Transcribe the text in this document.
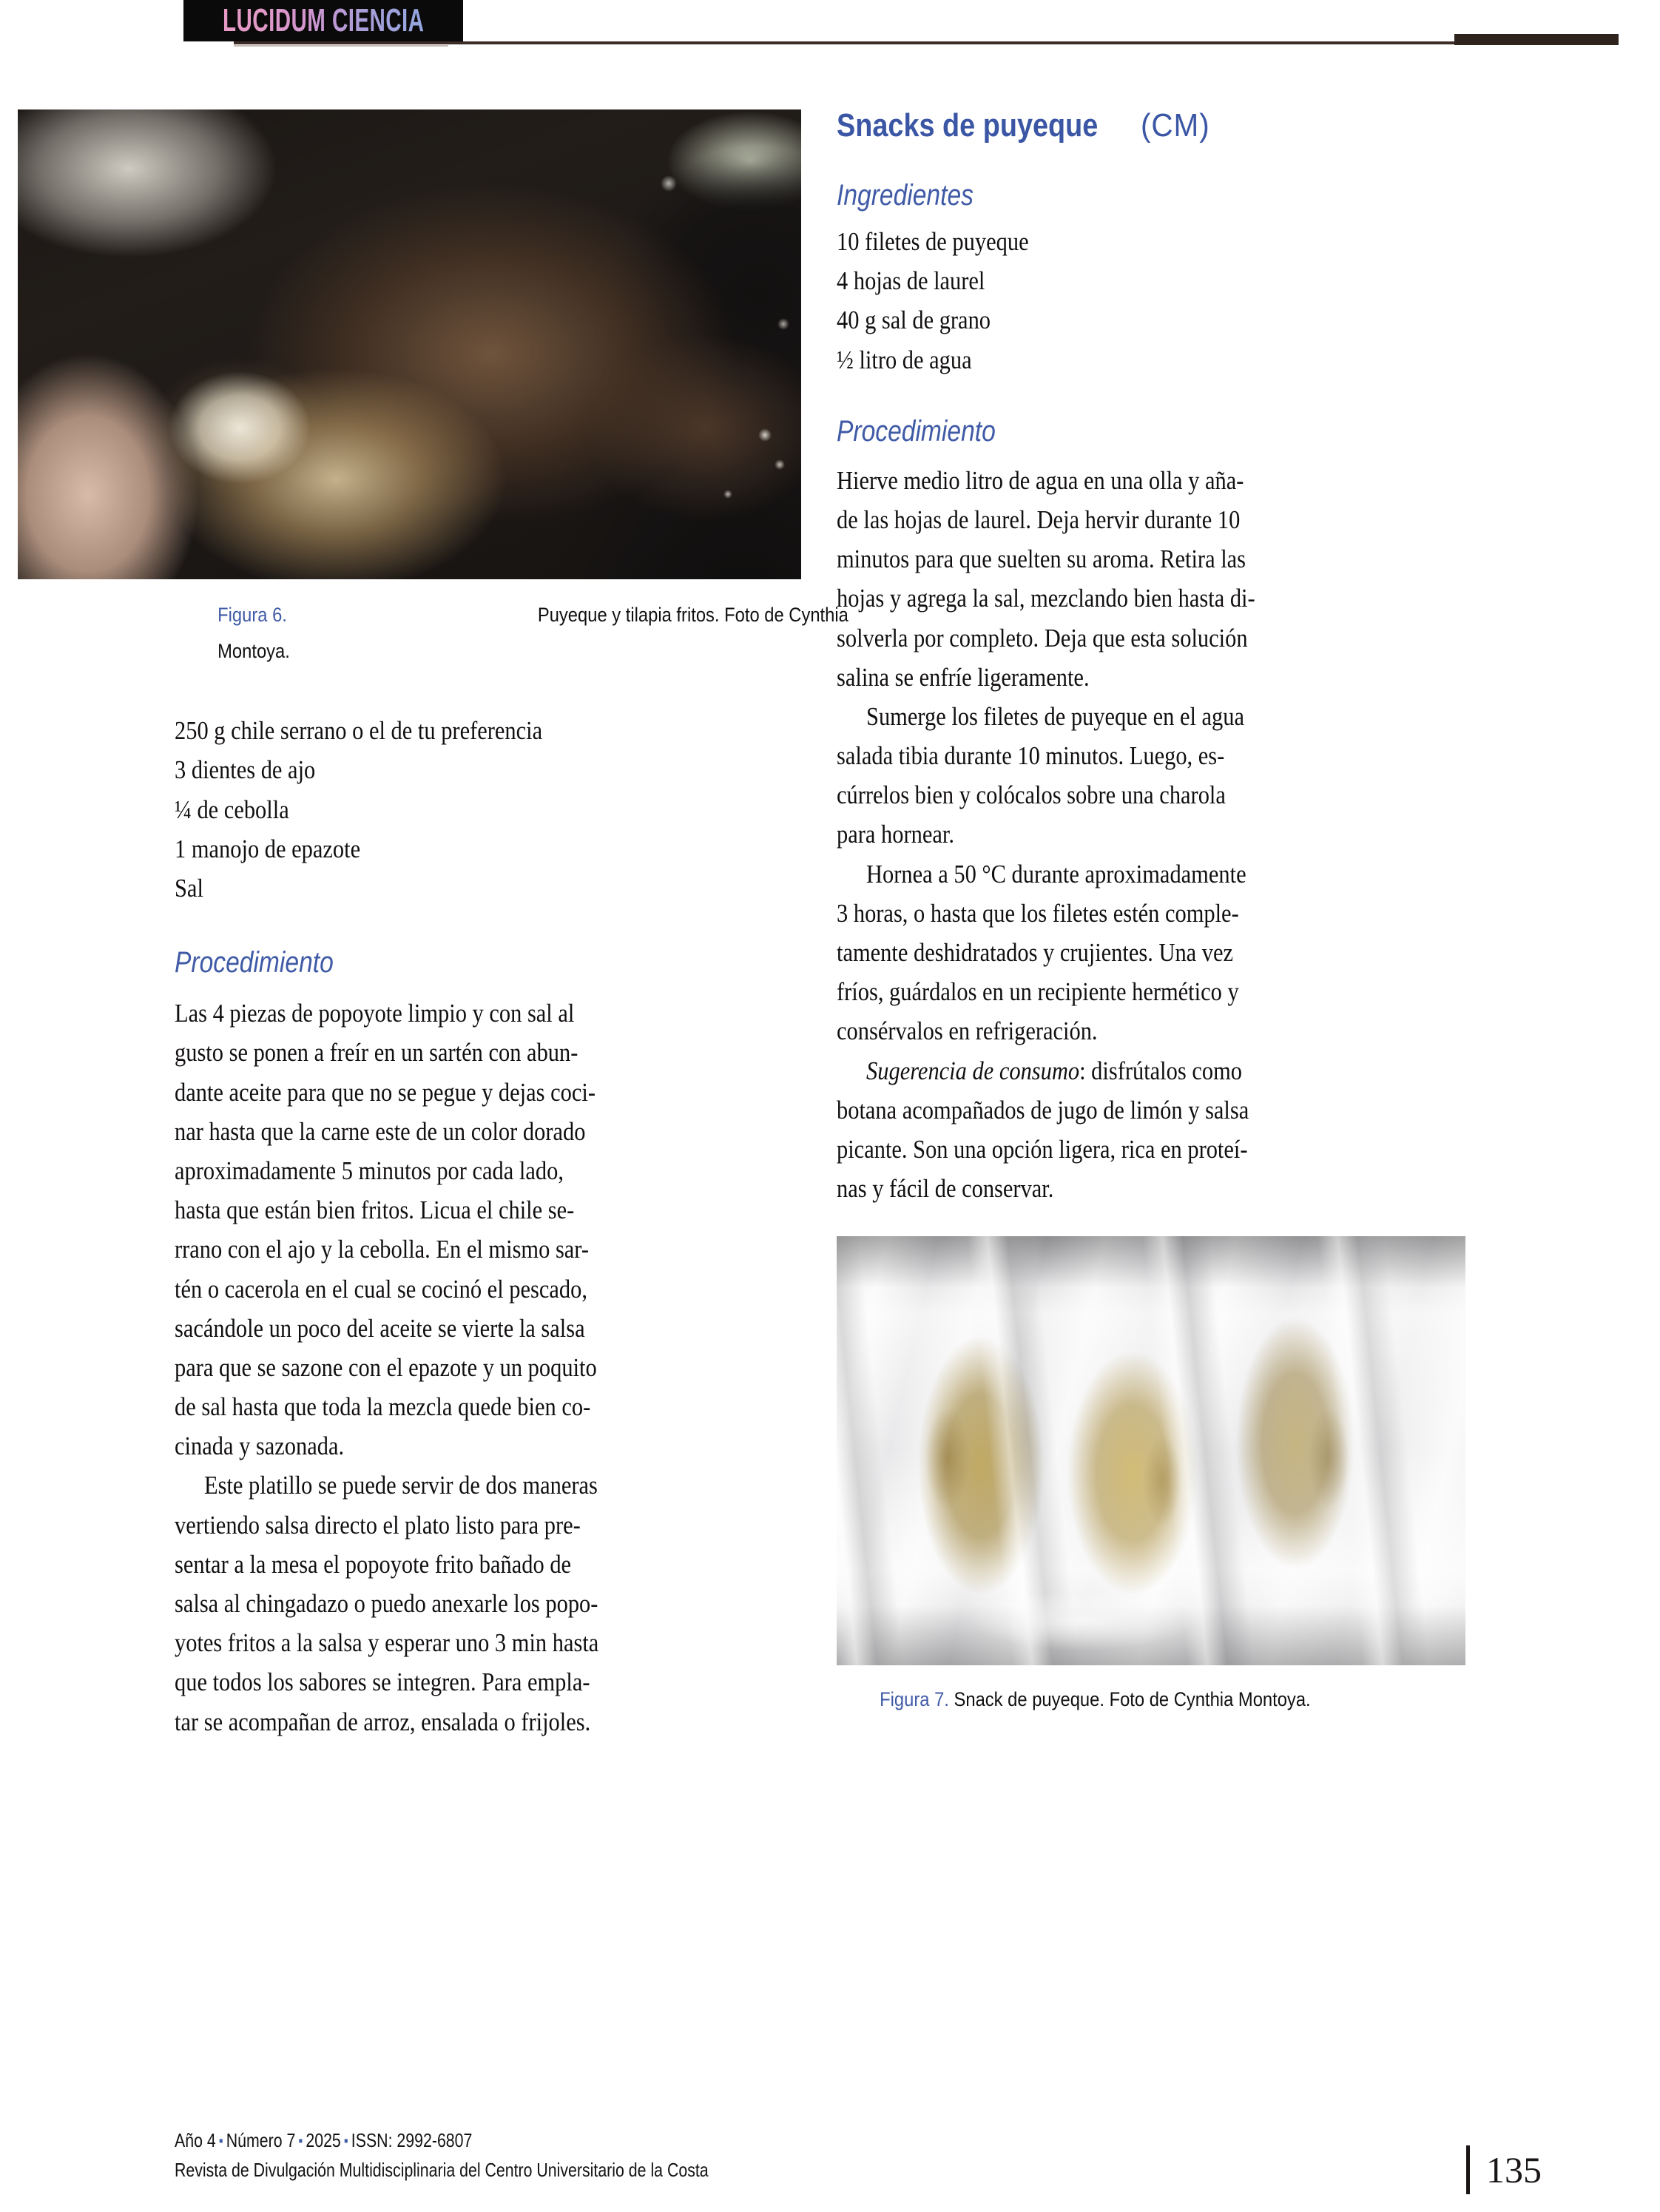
LUCIDUM CIENCIA
Figura 6.	Puyeque y tilapia fritos. Foto de Cynthia
Montoya.
250 g chile serrano o el de tu preferencia
3 dientes de ajo
¼ de cebolla
1 manojo de epazote
Sal
Procedimiento
Las 4 piezas de popoyote limpio y con sal al
gusto se ponen a freír en un sartén con abun-
dante aceite para que no se pegue y dejas coci-
nar hasta que la carne este de un color dorado
aproximadamente 5 minutos por cada lado,
hasta que están bien fritos. Licua el chile se-
rrano con el ajo y la cebolla. En el mismo sar-
tén o cacerola en el cual se cocinó el pescado,
sacándole un poco del aceite se vierte la salsa
para que se sazone con el epazote y un poquito
de sal hasta que toda la mezcla quede bien co-
cinada y sazonada.
Este platillo se puede servir de dos maneras
vertiendo salsa directo el plato listo para pre-
sentar a la mesa el popoyote frito bañado de
salsa al chingadazo o puedo anexarle los popo-
yotes fritos a la salsa y esperar uno 3 min hasta
que todos los sabores se integren. Para empla-
tar se acompañan de arroz, ensalada o frijoles.
Snacks de puyeque (CM)
Ingredientes
10 filetes de puyeque
4 hojas de laurel
40 g sal de grano
½ litro de agua
Procedimiento
Hierve medio litro de agua en una olla y aña-
de las hojas de laurel. Deja hervir durante 10
minutos para que suelten su aroma. Retira las
hojas y agrega la sal, mezclando bien hasta di-
solverla por completo. Deja que esta solución
salina se enfríe ligeramente.
Sumerge los filetes de puyeque en el agua
salada tibia durante 10 minutos. Luego, es-
cúrrelos bien y colócalos sobre una charola
para hornear.
Hornea a 50 °C durante aproximadamente
3 horas, o hasta que los filetes estén comple-
tamente deshidratados y crujientes. Una vez
fríos, guárdalos en un recipiente hermético y
consérvalos en refrigeración.
Sugerencia de consumo: disfrútalos como
botana acompañados de jugo de limón y salsa
picante. Son una opción ligera, rica en proteí-
nas y fácil de conservar.
Figura 7. Snack de puyeque. Foto de Cynthia Montoya.
Año 4 ▪ Número 7 ▪ 2025 ▪ ISSN: 2992-6807
Revista de Divulgación Multidisciplinaria del Centro Universitario de la Costa	135
